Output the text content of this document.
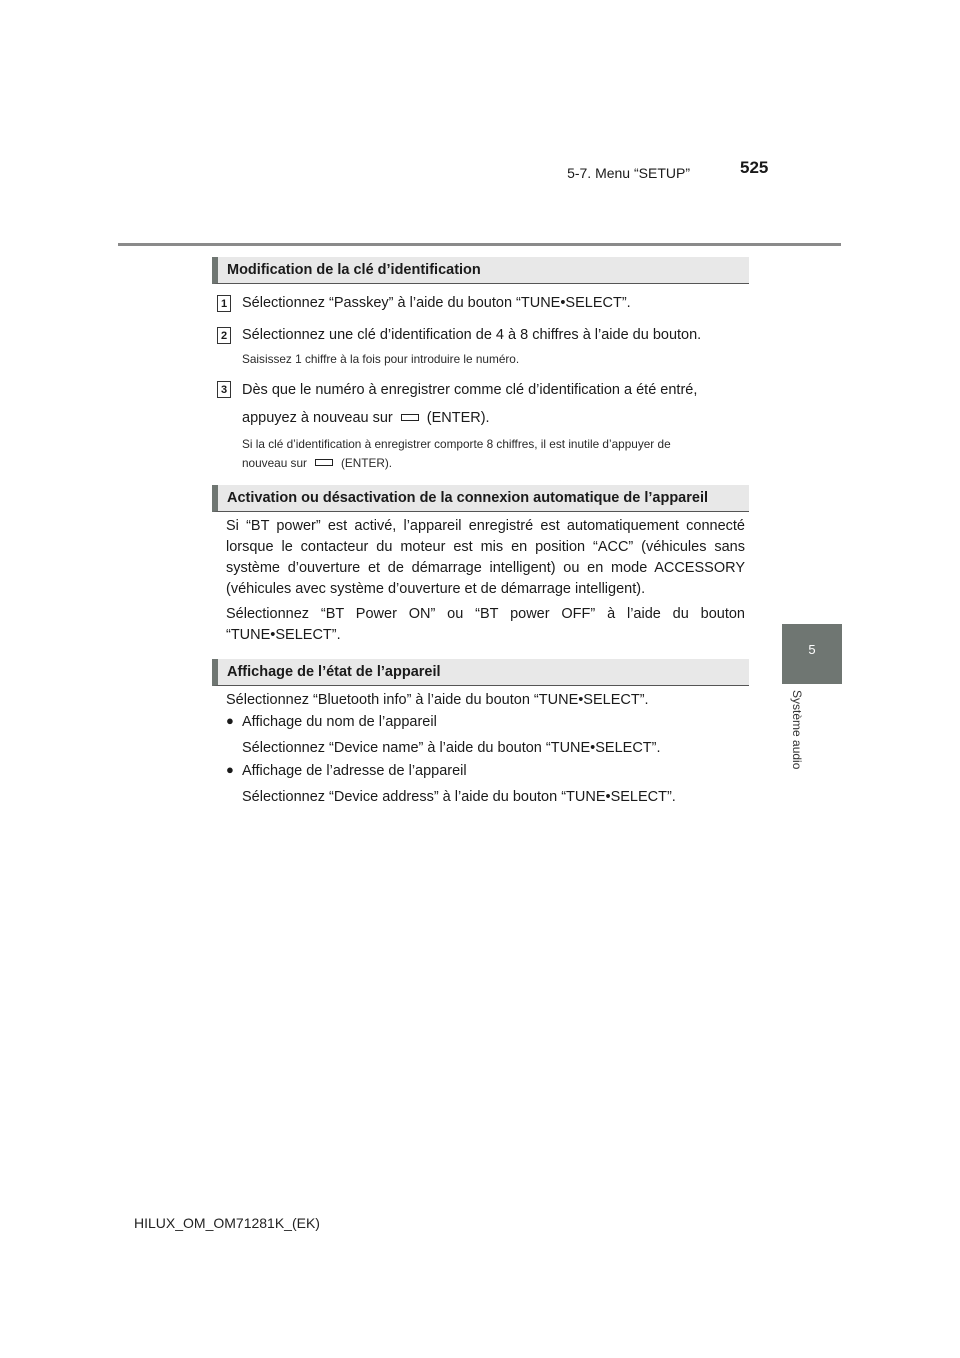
5-7. Menu “SETUP”	525
5
Système audio
Modification de la clé d’identification
1 Sélectionnez “Passkey” à l’aide du bouton “TUNE•SELECT”.
2 Sélectionnez une clé d’identification de 4 à 8 chiffres à l’aide du bouton.
Saisissez 1 chiffre à la fois pour introduire le numéro.
3 Dès que le numéro à enregistrer comme clé d’identification a été entré,
appuyez à nouveau sur (ENTER).
Si la clé d’identification à enregistrer comporte 8 chiffres, il est inutile d’appuyer de
nouveau sur	(ENTER).
Activation ou désactivation de la connexion automatique de l’appareil
Si “BT power” est activé, l’appareil enregistré est automatiquement connecté lorsque le contacteur du moteur est mis en position “ACC” (véhicules sans système d’ouverture et de démarrage intelligent) ou en mode ACCESSORY (véhicules avec système d’ouverture et de démarrage intelligent).
Sélectionnez “BT Power ON” ou “BT power OFF” à l’aide du bouton “TUNE•SELECT”.
Affichage de l’état de l’appareil
Sélectionnez “Bluetooth info” à l’aide du bouton “TUNE•SELECT”.
● Affichage du nom de l’appareil
Sélectionnez “Device name” à l’aide du bouton “TUNE•SELECT”.
● Affichage de l’adresse de l’appareil
Sélectionnez “Device address” à l’aide du bouton “TUNE•SELECT”.
HILUX_OM_OM71281K_(EK)
